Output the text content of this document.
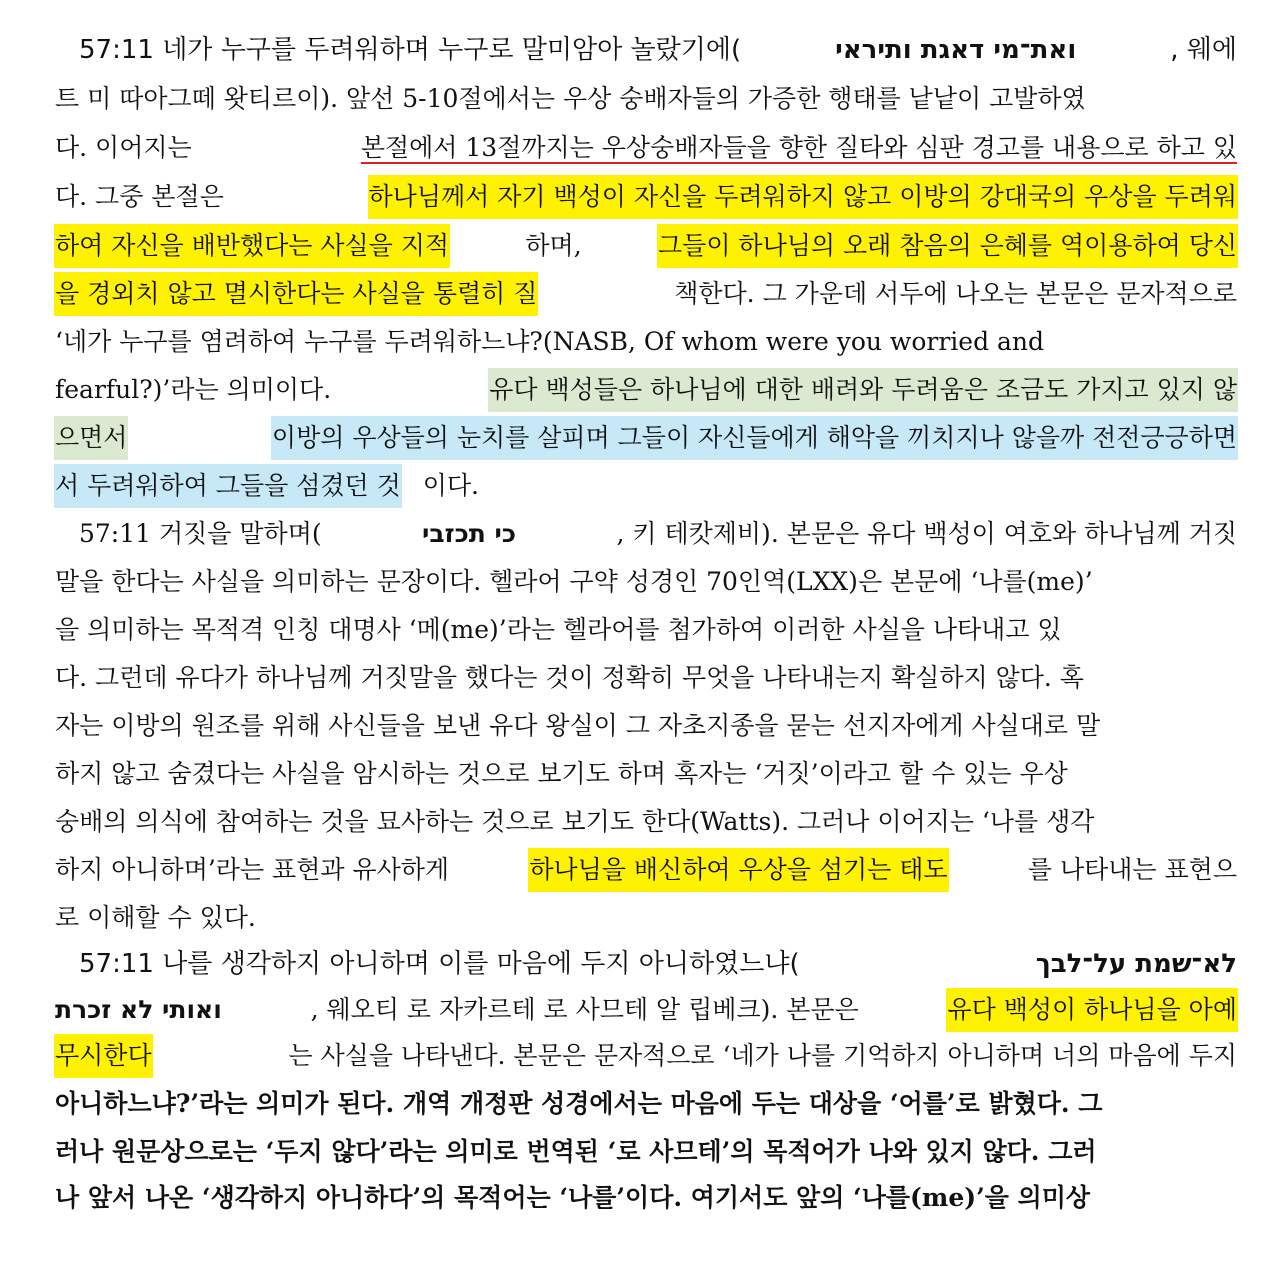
57:11 네가 누구를 두려워하며 누구로 말미암아 놀랐기에(	ואת־מי דאגת ותיראי	, 웨에
트 미 따아그떼 왓티르이). 앞선 5-10절에서는 우상 숭배자들의 가증한 행태를 낱낱이 고발하였
다. 이어지는	본절에서 13절까지는 우상숭배자들을 향한 질타와 심판 경고를 내용으로 하고 있
다. 그중 본절은	하나님께서 자기 백성이 자신을 두려워하지 않고 이방의 강대국의 우상을 두려워
하여 자신을 배반했다는 사실을 지적	하며,	그들이 하나님의 오래 참음의 은혜를 역이용하여 당신
을 경외치 않고 멸시한다는 사실을 통렬히 질	책한다. 그 가운데 서두에 나오는 본문은 문자적으로
‘네가 누구를 염려하여 누구를 두려워하느냐?(NASB, Of whom were you worried and
fearful?)’라는 의미이다.	유다 백성들은 하나님에 대한 배려와 두려움은 조금도 가지고 있지 않
으면서	이방의 우상들의 눈치를 살피며 그들이 자신들에게 해악을 끼치지나 않을까 전전긍긍하면
서 두려워하여 그들을 섬겼던 것 이다.
57:11 거짓을 말하며(	כי תכזבי	, 키 테캇제비). 본문은 유다 백성이 여호와 하나님께 거짓
말을 한다는 사실을 의미하는 문장이다. 헬라어 구약 성경인 70인역(LXX)은 본문에 ‘나를(me)’
을 의미하는 목적격 인칭 대명사 ‘메(me)’라는 헬라어를 첨가하여 이러한 사실을 나타내고 있
다. 그런데 유다가 하나님께 거짓말을 했다는 것이 정확히 무엇을 나타내는지 확실하지 않다. 혹
자는 이방의 원조를 위해 사신들을 보낸 유다 왕실이 그 자초지종을 묻는 선지자에게 사실대로 말
하지 않고 숨겼다는 사실을 암시하는 것으로 보기도 하며 혹자는 ‘거짓’이라고 할 수 있는 우상
숭배의 의식에 참여하는 것을 묘사하는 것으로 보기도 한다(Watts). 그러나 이어지는 ‘나를 생각
하지 아니하며’라는 표현과 유사하게	하나님을 배신하여 우상을 섬기는 태도	를 나타내는 표현으
로 이해할 수 있다.
57:11 나를 생각하지 아니하며 이를 마음에 두지 아니하였느냐(	לא־שמת על־לבך
ואותי לא זכרת	, 웨오티 로 자카르테 로 사므테 알 립베크). 본문은	유다 백성이 하나님을 아예
무시한다	는 사실을 나타낸다. 본문은 문자적으로 ‘네가 나를 기억하지 아니하며 너의 마음에 두지
아니하느냐?’라는 의미가 된다. 개역 개정판 성경에서는 마음에 두는 대상을 ‘어를’로 밝혔다. 그
러나 원문상으로는 ‘두지 않다’라는 의미로 번역된 ‘로 사므테’의 목적어가 나와 있지 않다. 그러
나 앞서 나온 ‘생각하지 아니하다’의 목적어는 ‘나를’이다. 여기서도 앞의 ‘나를(me)’을 의미상
